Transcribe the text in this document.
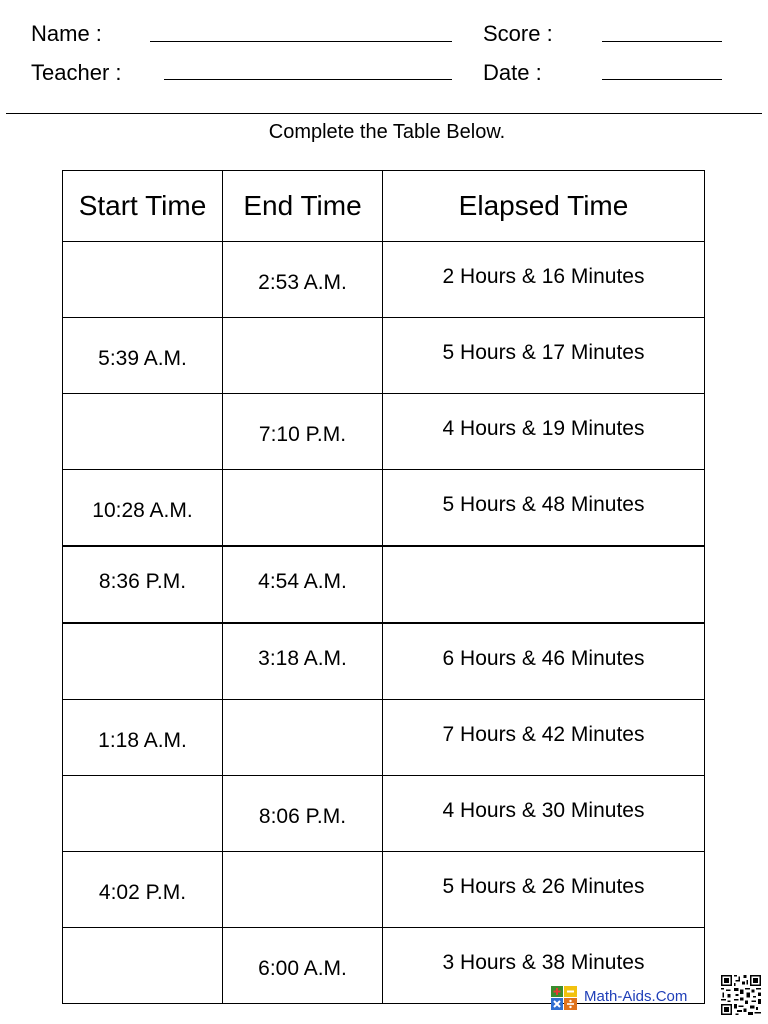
Name :
Teacher :
Score :
Date :
Complete the Table Below.
Start Time	End Time	Elapsed Time
	2:53 A.M.	2 Hours & 16 Minutes
5:39 A.M.		5 Hours & 17 Minutes
	7:10 P.M.	4 Hours & 19 Minutes
10:28 A.M.		5 Hours & 48 Minutes
8:36 P.M.	4:54 A.M.	
	3:18 A.M.	6 Hours & 46 Minutes
1:18 A.M.		7 Hours & 42 Minutes
	8:06 P.M.	4 Hours & 30 Minutes
4:02 P.M.		5 Hours & 26 Minutes
	6:00 A.M.	3 Hours & 38 Minutes
Math-Aids.Com
